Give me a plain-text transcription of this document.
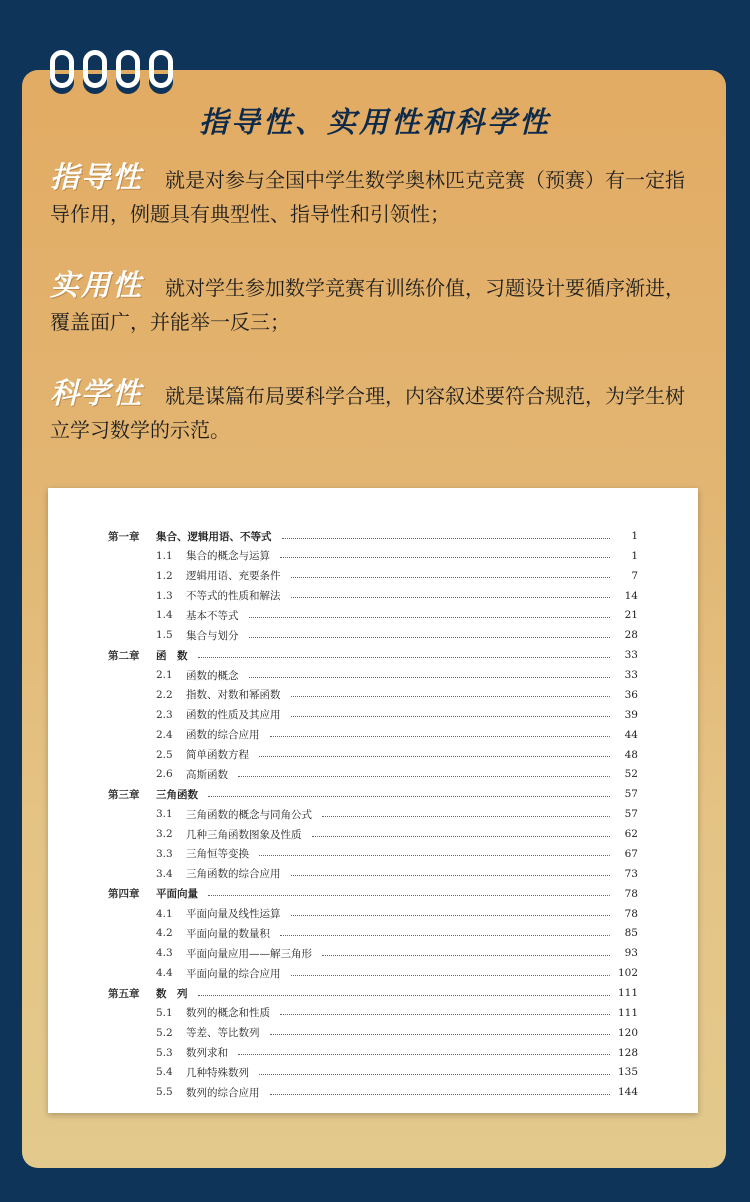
指导性、实用性和科学性
指导性 就是对参与全国中学生数学奥林匹克竞赛（预赛）有一定指导作用，例题具有典型性、指导性和引领性；
实用性 就对学生参加数学竞赛有训练价值，习题设计要循序渐进，覆盖面广，并能举一反三；
科学性 就是谋篇布局要科学合理，内容叙述要符合规范，为学生树立学习数学的示范。
第一章	集合、逻辑用语、不等式	1
1.1	集合的概念与运算	1
1.2	逻辑用语、充要条件	7
1.3	不等式的性质和解法	14
1.4	基本不等式	21
1.5	集合与划分	28
第二章	函　数	33
2.1	函数的概念	33
2.2	指数、对数和幂函数	36
2.3	函数的性质及其应用	39
2.4	函数的综合应用	44
2.5	简单函数方程	48
2.6	高斯函数	52
第三章	三角函数	57
3.1	三角函数的概念与同角公式	57
3.2	几种三角函数图象及性质	62
3.3	三角恒等变换	67
3.4	三角函数的综合应用	73
第四章	平面向量	78
4.1	平面向量及线性运算	78
4.2	平面向量的数量积	85
4.3	平面向量应用——解三角形	93
4.4	平面向量的综合应用	102
第五章	数　列	111
5.1	数列的概念和性质	111
5.2	等差、等比数列	120
5.3	数列求和	128
5.4	几种特殊数列	135
5.5	数列的综合应用	144
